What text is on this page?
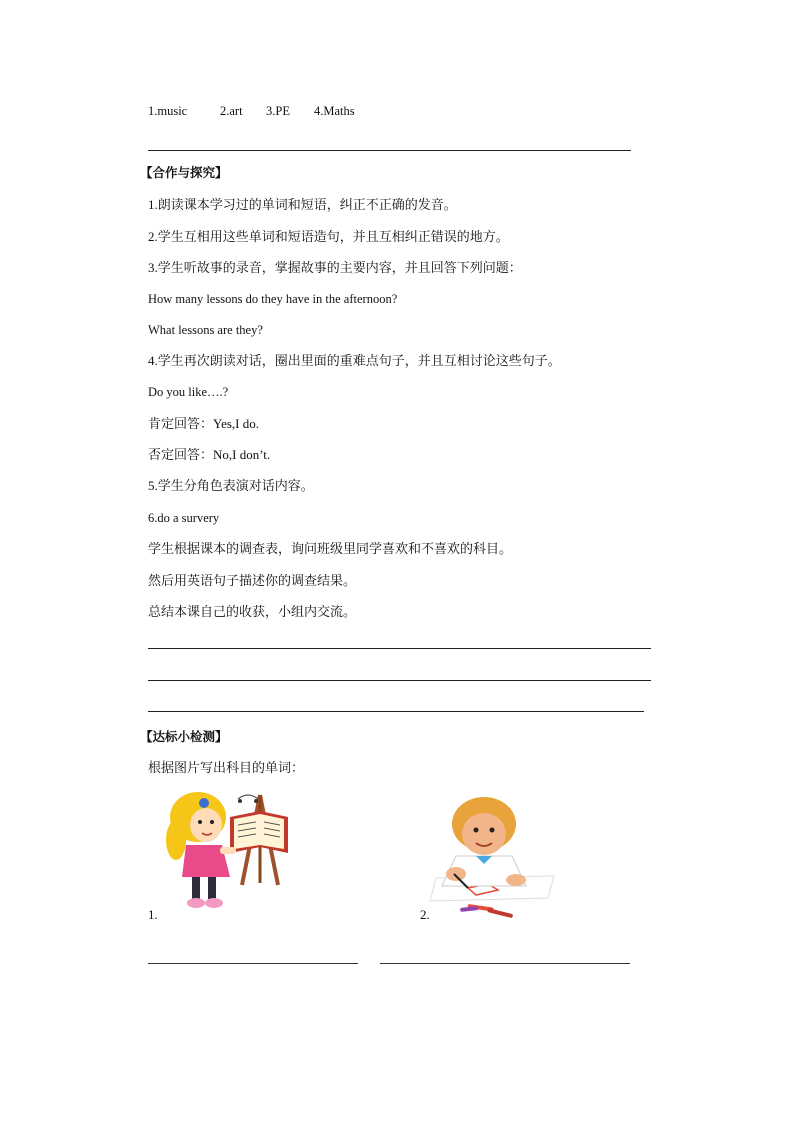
1.music	2.art 3.PE 4.Maths
【合作与探究】
1.朗读课本学习过的单词和短语，纠正不正确的发音。
2.学生互相用这些单词和短语造句，并且互相纠正错误的地方。
3.学生听故事的录音，掌握故事的主要内容，并且回答下列问题：
How many lessons do they have in the afternoon?
What lessons are they?
4.学生再次朗读对话，圈出里面的重难点句子，并且互相讨论这些句子。
Do you like….?
肯定回答：Yes,I do.
否定回答：No,I don’t.
5.学生分角色表演对话内容。
6.do a survery
学生根据课本的调查表，询问班级里同学喜欢和不喜欢的科目。
然后用英语句子描述你的调查结果。
总结本课自己的收获，小组内交流。
【达标小检测】
根据图片写出科目的单词：
1.	2.
